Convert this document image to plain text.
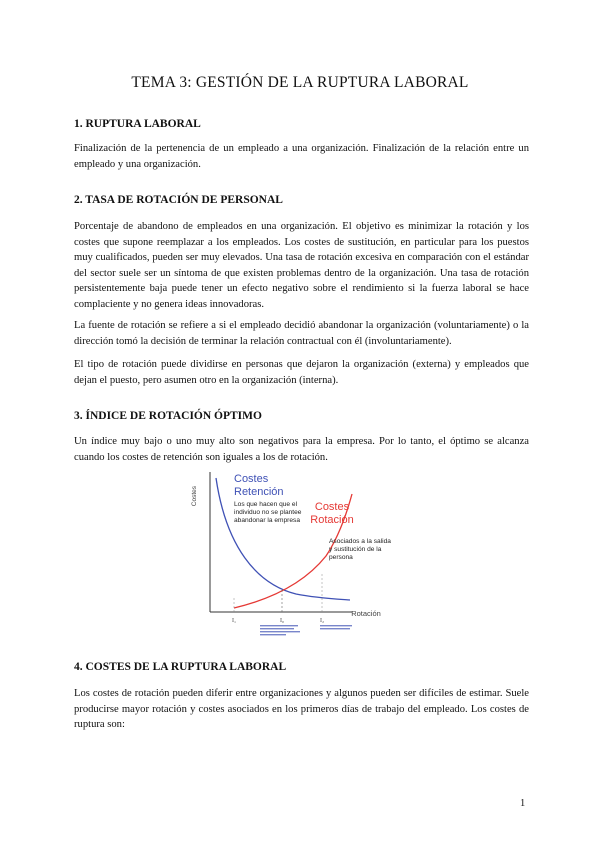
TEMA 3: GESTIÓN DE LA RUPTURA LABORAL
1. RUPTURA LABORAL
Finalización de la pertenencia de un empleado a una organización. Finalización de la relación entre un empleado y una organización.
2. TASA DE ROTACIÓN DE PERSONAL
Porcentaje de abandono de empleados en una organización. El objetivo es minimizar la rotación y los costes que supone reemplazar a los empleados. Los costes de sustitución, en particular para los puestos muy cualificados, pueden ser muy elevados. Una tasa de rotación excesiva en comparación con el estándar del sector suele ser un síntoma de que existen problemas dentro de la organización. Una tasa de rotación persistentemente baja puede tener un efecto negativo sobre el rendimiento si la fuerza laboral se hace complaciente y no genera ideas innovadoras.
La fuente de rotación se refiere a si el empleado decidió abandonar la organización (voluntariamente) o la dirección tomó la decisión de terminar la relación contractual con él (involuntariamente).
El tipo de rotación puede dividirse en personas que dejaron la organización (externa) y empleados que dejan el puesto, pero asumen otro en la organización (interna).
3. ÍNDICE DE ROTACIÓN ÓPTIMO
Un índice muy bajo o uno muy alto son negativos para la empresa. Por lo tanto, el óptimo se alcanza cuando los costes de retención son iguales a los de rotación.
Costes
Rotación
I₁	I₀	I₂
Costes
Retención
Los que hacen que el
individuo no se plantee
abandonar la empresa
Costes
Rotación
Asociados a la salida
y sustitución de la
persona
4. COSTES DE LA RUPTURA LABORAL
Los costes de rotación pueden diferir entre organizaciones y algunos pueden ser difíciles de estimar. Suele producirse mayor rotación y costes asociados en los primeros días de trabajo del empleado. Los costes de ruptura son:
1
